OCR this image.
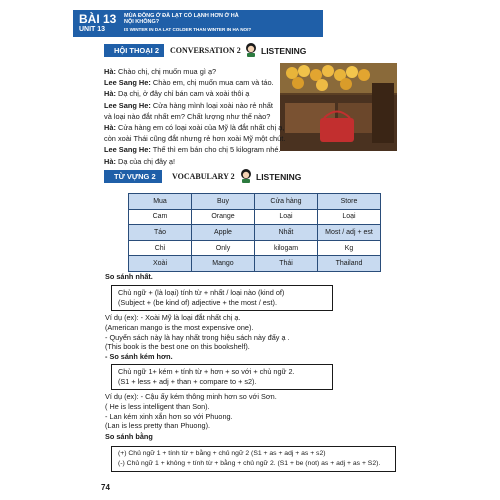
BÀI 13
UNIT 13
MÙA ĐÔNG Ở ĐÀ LẠT CÓ LẠNH HƠN Ở HÀ NỘI KHÔNG?
IS WINTER IN DA LAT COLDER THAN WINTER IN HA NOI?
HỘI THOẠI 2	CONVERSATION 2 LISTENING
Hà: Chào chị, chị muốn mua gì ạ?
Lee Sang He: Chào em, chị muốn mua cam và táo.
Hà: Dạ chị, ở đây chỉ bán cam và xoài thôi ạ
Lee Sang He: Cửa hàng mình loại xoài nào rẻ nhất
và loại nào đắt nhất em? Chất lượng như thế nào?
Hà: Cửa hàng em có loại xoài của Mỹ là đắt nhất chị ạ,
còn xoài Thái cũng đắt nhưng rẻ hơn xoài Mỹ một chút.
Lee Sang He: Thế thì em bán cho chị 5 kilogram nhé.
Hà: Dạ của chị đây ạ!
TỪ VỰNG 2	VOCABULARY 2	LISTENING
Mua	Buy	Cửa hàng	Store
Cam	Orange	Loại	Loại
Táo	Apple	Nhất	Most / adj + est
Chỉ	Only	kilogam	Kg
Xoài	Mango	Thái	Thailand
So sánh nhất.
Chủ ngữ + (là loại) tính từ + nhất / loại nào (kind of)
(Subject + (be kind of) adjective + the most / est).
Ví dụ (ex): - Xoài Mỹ là loại đắt nhất chị ạ.
(American mango is the most expensive one).
- Quyển sách này là hay nhất trong hiệu sách này đấy ạ .
(This book is the best one on this bookshelf).
- So sánh kém hơn.
Chủ ngữ 1+ kém + tính từ + hơn + so với + chủ ngữ 2.
(S1 + less + adj + than + compare to + s2).
Ví dụ (ex): - Cậu ấy kém thông minh hơn so với Sơn.
( He is less intelligent than Son).
- Lan kém xinh xắn hơn so với Phuong.
(Lan is less pretty than Phuong).
So sánh bằng
(+) Chủ ngữ 1 + tính từ + bằng + chủ ngữ 2 (S1 + as + adj + as + s2)
(-) Chủ ngữ 1 + không + tính từ + bằng + chủ ngữ 2. (S1 + be (not) as + adj + as + S2).
74
